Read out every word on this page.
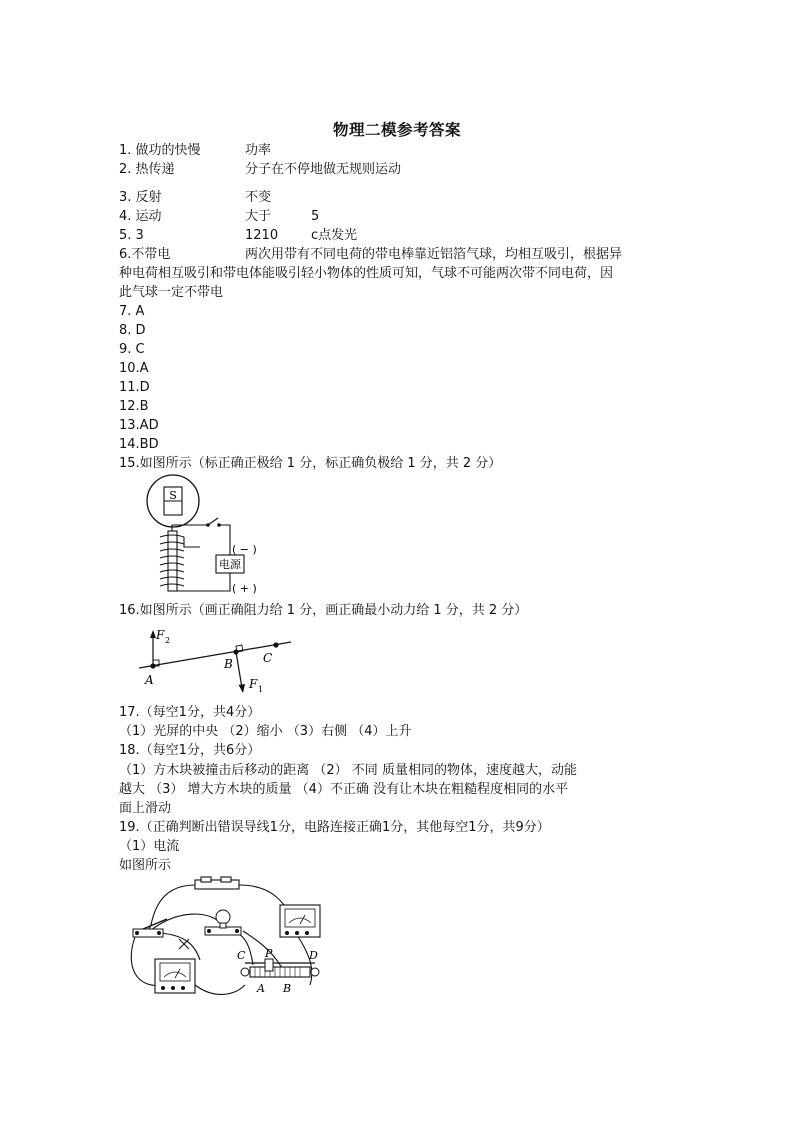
物理二模参考答案
1. 做功的快慢	功率
2. 热传递	分子在不停地做无规则运动
3. 反射	不变
4. 运动	大于	5
5. 3	1210	c点发光
6.不带电	两次用带有不同电荷的带电棒靠近铝箔气球，均相互吸引，根据异
种电荷相互吸引和带电体能吸引轻小物体的性质可知，气球不可能两次带不同电荷，因
此气球一定不带电
7. A
8. D
9. C
10.A
11.D
12.B
13.AD
14.BD
15.如图所示（标正确正极给 1 分，标正确负极给 1 分，共 2 分）
S
电源
( − )
( + )
16.如图所示（画正确阻力给 1 分，画正确最小动力给 1 分，共 2 分）
F 2
A
B	C
F 1
17.（每空1分，共4分）
（1）光屏的中央 （2）缩小 （3）右侧 （4）上升
18.（每空1分，共6分）
（1）方木块被撞击后移动的距离 （2） 不同 质量相同的物体，速度越大，动能
越大 （3） 增大方木块的质量 （4）不正确 没有让木块在粗糙程度相同的水平
面上滑动
19.（正确判断出错误导线1分，电路连接正确1分，其他每空1分，共9分）
（1）电流
如图所示
C P	D
A B
